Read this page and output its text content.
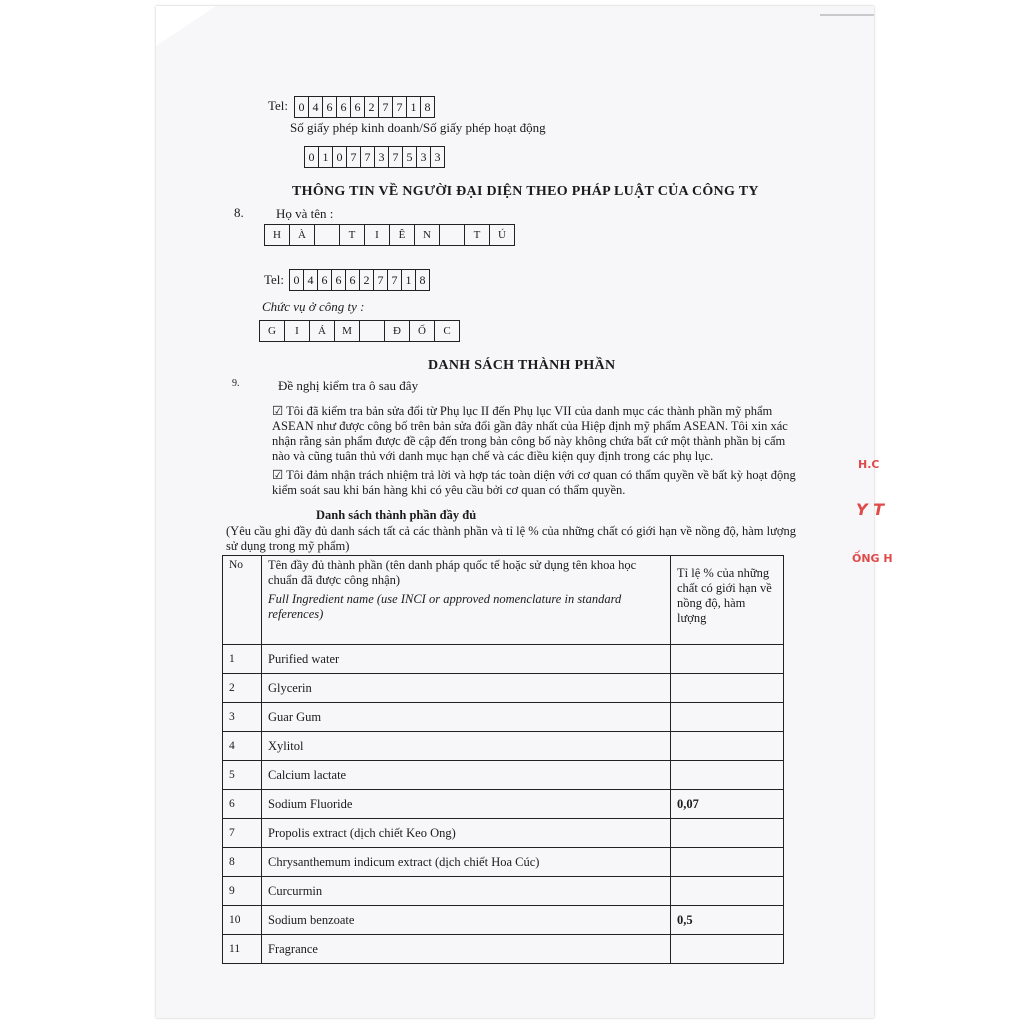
Tel: 0 4 6 6 6 2 7 7 1 8
Số giấy phép kinh doanh/Số giấy phép hoạt động
0 1 0 7 7 3 7 5 3 3
THÔNG TIN VỀ NGƯỜI ĐẠI DIỆN THEO PHÁP LUẬT CỦA CÔNG TY
8. Họ và tên :
H	À	T	I	Ê	N	T	Ú
Tel: 0 4 6 6 6 2 7 7 1 8
Chức vụ ở công ty :
G	I	Á	M	Đ	Ố	C
DANH SÁCH THÀNH PHẦN
9.	Đề nghị kiểm tra ô sau đây
☑ Tôi đã kiểm tra bản sửa đổi từ Phụ lục II đến Phụ lục VII của danh mục các thành phần mỹ phẩm ASEAN như được công bố trên bản sửa đổi gần đây nhất của Hiệp định mỹ phẩm ASEAN. Tôi xin xác nhận rằng sản phẩm được đề cập đến trong bản công bố này không chứa bất cứ một thành phần bị cấm nào và cũng tuân thủ với danh mục hạn chế và các điều kiện quy định trong các phụ lục.
☑ Tôi đảm nhận trách nhiệm trả lời và hợp tác toàn diện với cơ quan có thẩm quyền về bất kỳ hoạt động kiểm soát sau khi bán hàng khi có yêu cầu bởi cơ quan có thẩm quyền.
Danh sách thành phần đầy đủ
(Yêu cầu ghi đầy đủ danh sách tất cả các thành phần và tỉ lệ % của những chất có giới hạn về nồng độ, hàm lượng sử dụng trong mỹ phẩm)
No	Tên đầy đủ thành phần (tên danh pháp quốc tế hoặc sử dụng tên khoa học chuẩn đã được công nhận)
Full Ingredient name (use INCI or approved nomenclature in standard references)	Tỉ lệ % của những chất có giới hạn về nồng độ, hàm lượng
1	Purified water	
2	Glycerin	
3	Guar Gum	
4	Xylitol	
5	Calcium lactate	
6	Sodium Fluoride	0,07
7	Propolis extract (dịch chiết Keo Ong)	
8	Chrysanthemum indicum extract (dịch chiết Hoa Cúc)	
9	Curcurmin	
10	Sodium benzoate	0,5
11	Fragrance	
H.C
Y T
ỐNG H
